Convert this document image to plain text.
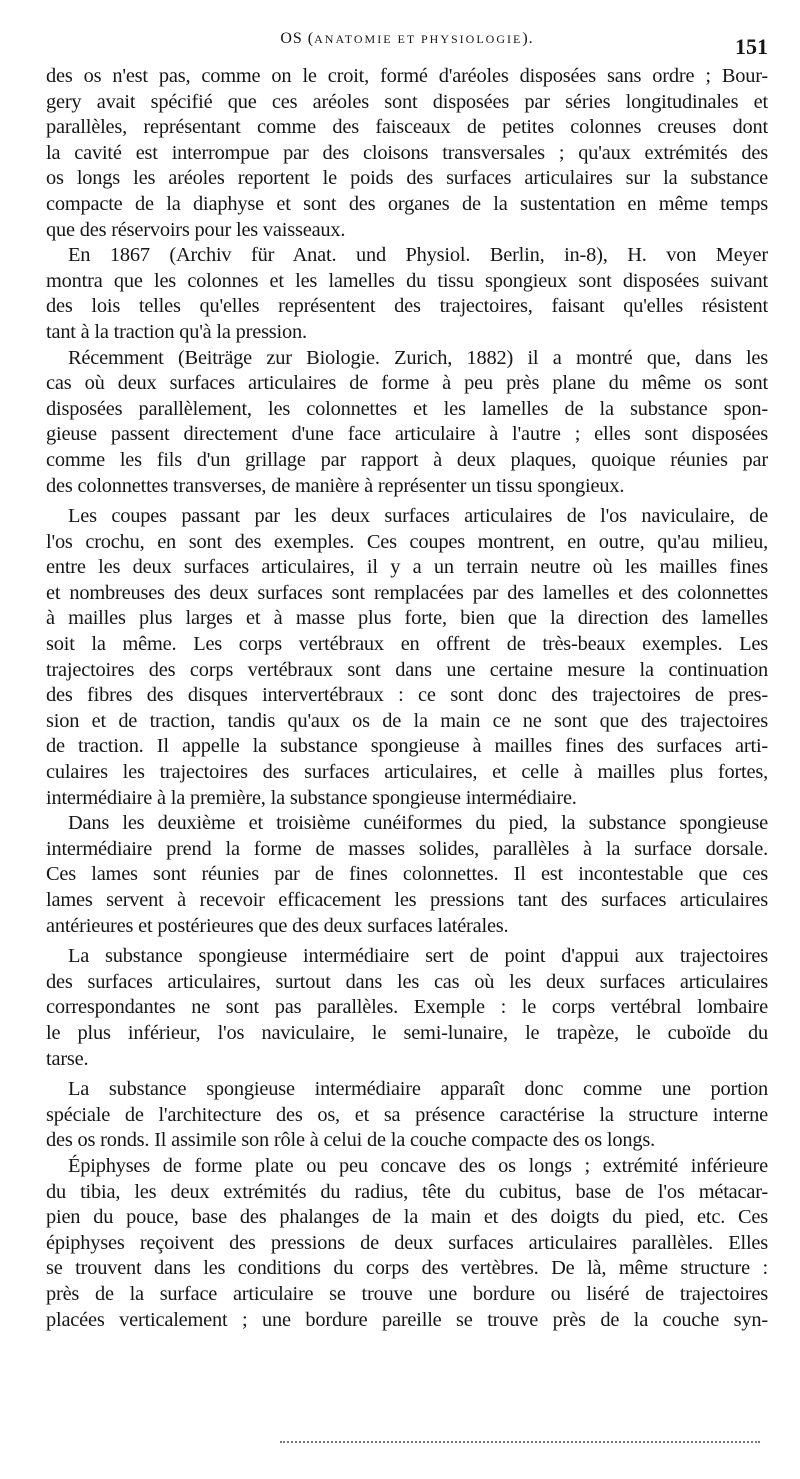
OS (ANATOMIE ET PHYSIOLOGIE).	151
des os n'est pas, comme on le croit, formé d'aréoles disposées sans ordre ; Bour-
gery avait spécifié que ces aréoles sont disposées par séries longitudinales et
parallèles, représentant comme des faisceaux de petites colonnes creuses dont
la cavité est interrompue par des cloisons transversales ; qu'aux extrémités des
os longs les aréoles reportent le poids des surfaces articulaires sur la substance
compacte de la diaphyse et sont des organes de la sustentation en même temps
que des réservoirs pour les vaisseaux.
En 1867 (Archiv für Anat. und Physiol. Berlin, in-8), H. von Meyer
montra que les colonnes et les lamelles du tissu spongieux sont disposées suivant
des lois telles qu'elles représentent des trajectoires, faisant qu'elles résistent
tant à la traction qu'à la pression.
Récemment (Beiträge zur Biologie. Zurich, 1882) il a montré que, dans les
cas où deux surfaces articulaires de forme à peu près plane du même os sont
disposées parallèlement, les colonnettes et les lamelles de la substance spon-
gieuse passent directement d'une face articulaire à l'autre ; elles sont disposées
comme les fils d'un grillage par rapport à deux plaques, quoique réunies par
des colonnettes transverses, de manière à représenter un tissu spongieux.
Les coupes passant par les deux surfaces articulaires de l'os naviculaire, de
l'os crochu, en sont des exemples. Ces coupes montrent, en outre, qu'au milieu,
entre les deux surfaces articulaires, il y a un terrain neutre où les mailles fines
et nombreuses des deux surfaces sont remplacées par des lamelles et des colonnettes
à mailles plus larges et à masse plus forte, bien que la direction des lamelles
soit la même. Les corps vertébraux en offrent de très-beaux exemples. Les
trajectoires des corps vertébraux sont dans une certaine mesure la continuation
des fibres des disques intervertébraux : ce sont donc des trajectoires de pres-
sion et de traction, tandis qu'aux os de la main ce ne sont que des trajectoires
de traction. Il appelle la substance spongieuse à mailles fines des surfaces arti-
culaires les trajectoires des surfaces articulaires, et celle à mailles plus fortes,
intermédiaire à la première, la substance spongieuse intermédiaire.
Dans les deuxième et troisième cunéiformes du pied, la substance spongieuse
intermédiaire prend la forme de masses solides, parallèles à la surface dorsale.
Ces lames sont réunies par de fines colonnettes. Il est incontestable que ces
lames servent à recevoir efficacement les pressions tant des surfaces articulaires
antérieures et postérieures que des deux surfaces latérales.
La substance spongieuse intermédiaire sert de point d'appui aux trajectoires
des surfaces articulaires, surtout dans les cas où les deux surfaces articulaires
correspondantes ne sont pas parallèles. Exemple : le corps vertébral lombaire
le plus inférieur, l'os naviculaire, le semi-lunaire, le trapèze, le cuboïde du
tarse.
La substance spongieuse intermédiaire apparaît donc comme une portion
spéciale de l'architecture des os, et sa présence caractérise la structure interne
des os ronds. Il assimile son rôle à celui de la couche compacte des os longs.
Épiphyses de forme plate ou peu concave des os longs ; extrémité inférieure
du tibia, les deux extrémités du radius, tête du cubitus, base de l'os métacar-
pien du pouce, base des phalanges de la main et des doigts du pied, etc. Ces
épiphyses reçoivent des pressions de deux surfaces articulaires parallèles. Elles
se trouvent dans les conditions du corps des vertèbres. De là, même structure :
près de la surface articulaire se trouve une bordure ou liséré de trajectoires
placées verticalement ; une bordure pareille se trouve près de la couche syn-
